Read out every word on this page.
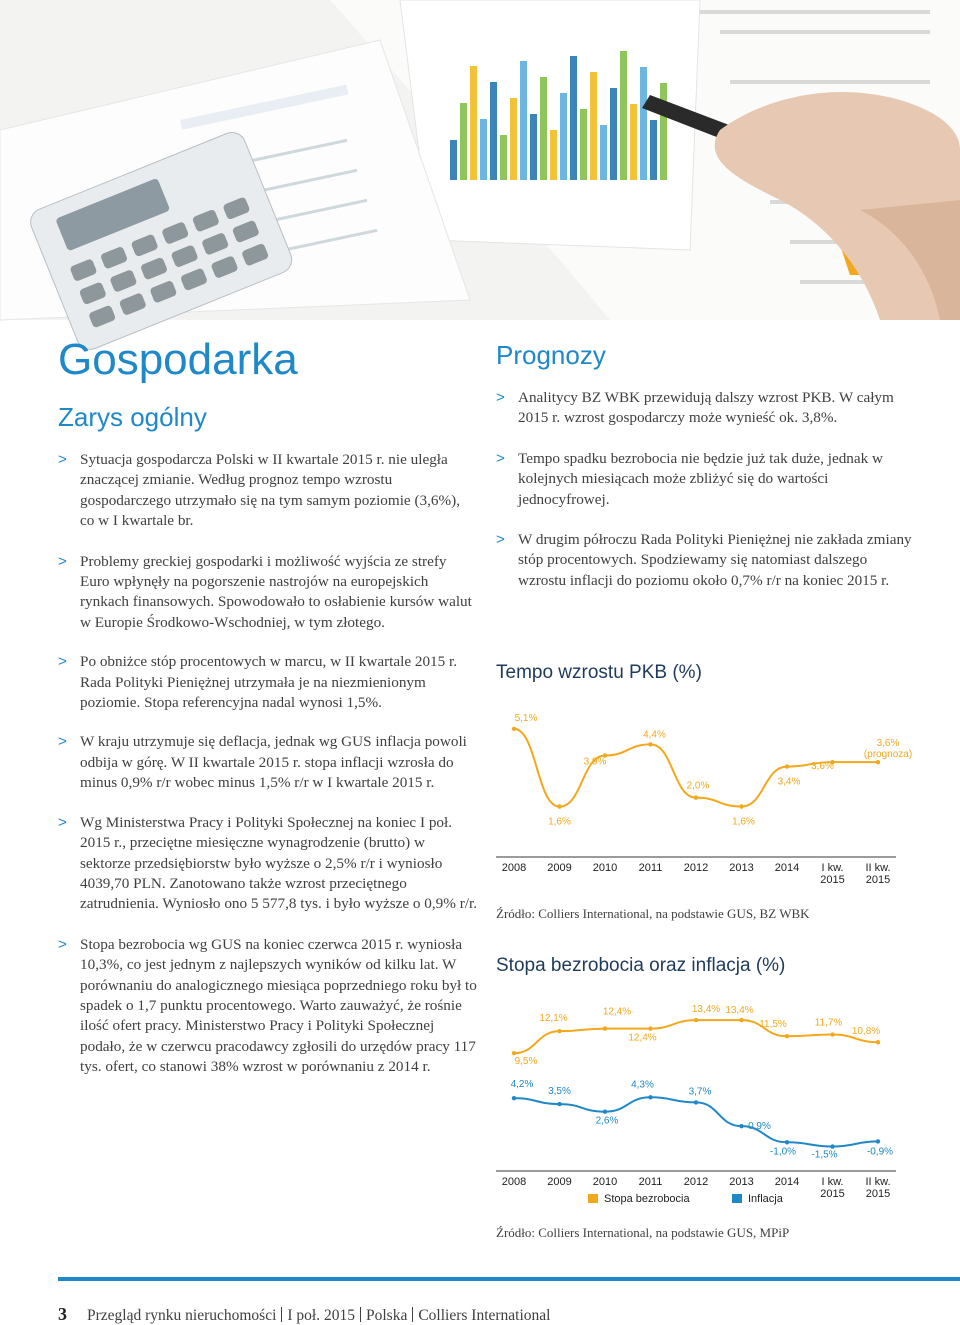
Gospodarka
Zarys ogólny
> Sytuacja gospodarcza Polski w II kwartale 2015 r. nie uległa znaczącej zmianie. Według prognoz tempo wzrostu gospodarczego utrzymało się na tym samym poziomie (3,6%), co w I kwartale br.
> Problemy greckiej gospodarki i możliwość wyjścia ze strefy Euro wpłynęły na pogorszenie nastrojów na europejskich rynkach finansowych. Spowodowało to osłabienie kursów walut w Europie Środkowo-Wschodniej, w tym złotego.
> Po obniżce stóp procentowych w marcu, w II kwartale 2015 r. Rada Polityki Pieniężnej utrzymała je na niezmienionym poziomie. Stopa referencyjna nadal wynosi 1,5%.
> W kraju utrzymuje się deflacja, jednak wg GUS inflacja powoli odbija w górę. W II kwartale 2015 r. stopa inflacji wzrosła do minus 0,9% r/r wobec minus 1,5% r/r w I kwartale 2015 r.
> Wg Ministerstwa Pracy i Polityki Społecznej na koniec I poł. 2015 r., przeciętne miesięczne wynagrodzenie (brutto) w sektorze przedsiębiorstw było wyższe o 2,5% r/r i wyniosło 4039,70 PLN. Zanotowano także wzrost przeciętnego zatrudnienia. Wyniosło ono 5 577,8 tys. i było wyższe o 0,9% r/r.
> Stopa bezrobocia wg GUS na koniec czerwca 2015 r. wyniosła 10,3%, co jest jednym z najlepszych wyników od kilku lat. W porównaniu do analogicznego miesiąca poprzedniego roku był to spadek o 1,7 punktu procentowego. Warto zauważyć, że rośnie ilość ofert pracy. Ministerstwo Pracy i Polityki Społecznej podało, że w czerwcu pracodawcy zgłosili do urzędów pracy 117 tys. ofert, co stanowi 38% wzrost w porównaniu z 2014 r.
Prognozy
> Analitycy BZ WBK przewidują dalszy wzrost PKB. W całym 2015 r. wzrost gospodarczy może wynieść ok. 3,8%.
> Tempo spadku bezrobocia nie będzie już tak duże, jednak w kolejnych miesiącach może zbliżyć się do wartości jednocyfrowej.
> W drugim półroczu Rada Polityki Pieniężnej nie zakłada zmiany stóp procentowych. Spodziewamy się natomiast dalszego wzrostu inflacji do poziomu około 0,7% r/r na koniec 2015 r.
Tempo wzrostu PKB (%)
2008 2009 2010 2011 2012 2013 2014 I kw. 2015
II kw. 2015
5,1%
1,6%
3,9%
4,4%
2,0%
1,6%
3,4%
3,6%
3,6% (prognoza)

Źródło: Colliers International, na podstawie GUS, BZ WBK

Stopa bezrobocia oraz inflacja (%)
2008 2009 2010 2011 2012 2013 2014 I kw. 2015
II kw. 2015
9,5%
12,1%
12,4%
12,4%
13,4% 13,4%
11,5%	11,7%
10,8%
4,2%
3,5%
2,6%
4,3%
3,7%
0,9%
-1,0% -1,5%	-0,9%
Stopa bezrobocia	Inflacja

Źródło: Colliers International, na podstawie GUS, MPiP

3 Przegląd rynku nieruchomości I poł. 2015 Polska Colliers International
